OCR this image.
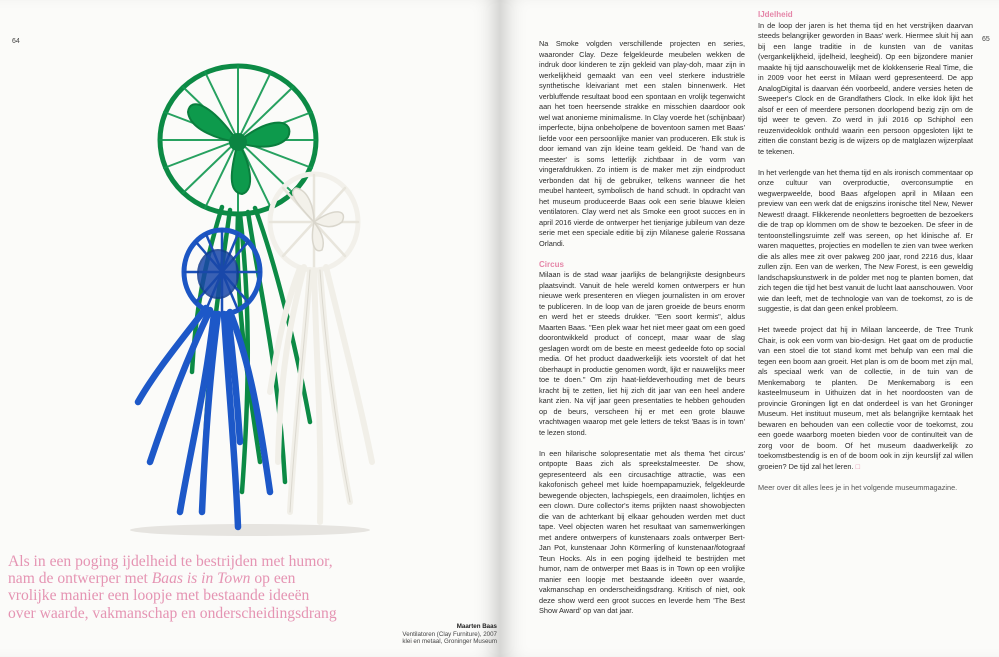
64

Als in een poging ijdelheid te bestrijden met humor, nam de ontwerper met Baas is in Town op een vrolijke manier een loopje met bestaande ideeën over waarde, vakmanschap en onderscheidingsdrang

Maarten Baas
Ventilatoren (Clay Furniture), 2007
klei en metaal, Groninger Museum
65

Na Smoke volgden verschillende projecten en series, waaronder Clay. Deze felgekleurde meubelen wekken de indruk door kinderen te zijn gekleid van play-doh, maar zijn in werkelijkheid gemaakt van een veel sterkere industriële synthetische kleivariant met een stalen binnenwerk. Het verbluffende resultaat bood een spontaan en vrolijk tegenwicht aan het toen heersende strakke en misschien daardoor ook wel wat anonieme minimalisme. In Clay voerde het (schijnbaar) imperfecte, bijna onbeholpene de boventoon samen met Baas' liefde voor een persoonlijke manier van produceren. Elk stuk is door iemand van zijn kleine team gekleid. De 'hand van de meester' is soms letterlijk zichtbaar in de vorm van vingerafdrukken. Zo intiem is de maker met zijn eindproduct verbonden dat hij de gebruiker, telkens wanneer die het meubel hanteert, symbolisch de hand schudt. In opdracht van het museum produceerde Baas ook een serie blauwe kleien ventilatoren. Clay werd net als Smoke een groot succes en in april 2016 vierde de ontwerper het tienjarige jubileum van deze serie met een speciale editie bij zijn Milanese galerie Rossana Orlandi.

Circus

Milaan is de stad waar jaarlijks de belangrijkste designbeurs plaatsvindt. Vanuit de hele wereld komen ontwerpers er hun nieuwe werk presenteren en vliegen journalisten in om erover te publiceren. In de loop van de jaren groeide de beurs enorm en werd het er steeds drukker. "Een soort kermis", aldus Maarten Baas. "Een plek waar het niet meer gaat om een goed doorontwikkeld product of concept, maar waar de slag geslagen wordt om de beste en meest gedeelde foto op social media. Of het product daadwerkelijk iets voorstelt of dat het überhaupt in productie genomen wordt, lijkt er nauwelijks meer toe te doen." Om zijn haat-liefdeverhouding met de beurs kracht bij te zetten, liet hij zich dit jaar van een heel andere kant zien. Na vijf jaar geen presentaties te hebben gehouden op de beurs, verscheen hij er met een grote blauwe vrachtwagen waarop met gele letters de tekst 'Baas is in town' te lezen stond.

In een hilarische solopresentatie met als thema 'het circus' ontpopte Baas zich als spreekstalmeester. De show, gepresenteerd als een circusachtige attractie, was een kakofonisch geheel met luide hoempapamuziek, felgekleurde bewegende objecten, lachspiegels, een draaimolen, lichtjes en een clown. Dure collector's items prijkten naast showobjecten die van de achterkant bij elkaar gehouden werden met duct tape. Veel objecten waren het resultaat van samenwerkingen met andere ontwerpers of kunstenaars zoals ontwerper Bert-Jan Pot, kunstenaar John Körmerling of kunstenaar/fotograaf Teun Hocks. Als in een poging ijdelheid te bestrijden met humor, nam de ontwerper met Baas is in Town op een vrolijke manier een loopje met bestaande ideeën over waarde, vakmanschap en onderscheidingsdrang. Kritisch of niet, ook deze show werd een groot succes en leverde hem 'The Best Show Award' op van dat jaar.

IJdelheid

In de loop der jaren is het thema tijd en het verstrijken daarvan steeds belangrijker geworden in Baas' werk. Hiermee sluit hij aan bij een lange traditie in de kunsten van de vanitas (vergankelijkheid, ijdelheid, leegheid). Op een bijzondere manier maakte hij tijd aanschouwelijk met de klokkenserie Real Time, die in 2009 voor het eerst in Milaan werd gepresenteerd. De app AnalogDigital is daarvan één voorbeeld, andere versies heten de Sweeper's Clock en de Grandfathers Clock. In elke klok lijkt het alsof er een of meerdere personen doorlopend bezig zijn om de tijd weer te geven. Zo werd in juli 2016 op Schiphol een reuzenvideoklok onthuld waarin een persoon opgesloten lijkt te zitten die constant bezig is de wijzers op de matglazen wijzerplaat te tekenen.

In het verlengde van het thema tijd en als ironisch commentaar op onze cultuur van overproductie, overconsumptie en wegwerpweelde, bood Baas afgelopen april in Milaan een preview van een werk dat de enigszins ironische titel New, Newer Newest! draagt. Flikkerende neonletters begroetten de bezoekers die de trap op klommen om de show te bezoeken. De sfeer in de tentoonstellingsruimte zelf was sereen, op het klinische af. Er waren maquettes, projecties en modellen te zien van twee werken die als alles mee zit over pakweg 200 jaar, rond 2216 dus, klaar zullen zijn. Een van de werken, The New Forest, is een geweldig landschapskunstwerk in de polder met nog te planten bomen, dat zich tegen die tijd het best vanuit de lucht laat aanschouwen. Voor wie dan leeft, met de technologie van van de toekomst, zo is de suggestie, is dat dan geen enkel probleem.

Het tweede project dat hij in Milaan lanceerde, de Tree Trunk Chair, is ook een vorm van bio-design. Het gaat om de productie van een stoel die tot stand komt met behulp van een mal die tegen een boom aan groeit. Het plan is om de boom met zijn mal, als speciaal werk van de collectie, in de tuin van de Menkemaborg te planten. De Menkemaborg is een kasteelmuseum in Uithuizen dat in het noordoosten van de provincie Groningen ligt en dat onderdeel is van het Groninger Museum. Het instituut museum, met als belangrijke kerntaak het bewaren en behouden van een collectie voor de toekomst, zou een goede waarborg moeten bieden voor de continuïteit van de zorg voor de boom. Of het museum daadwerkelijk zo toekomstbestendig is en of de boom ook in zijn keurslijf zal willen groeien? De tijd zal het leren. □

Meer over dit alles lees je in het volgende museummagazine.
